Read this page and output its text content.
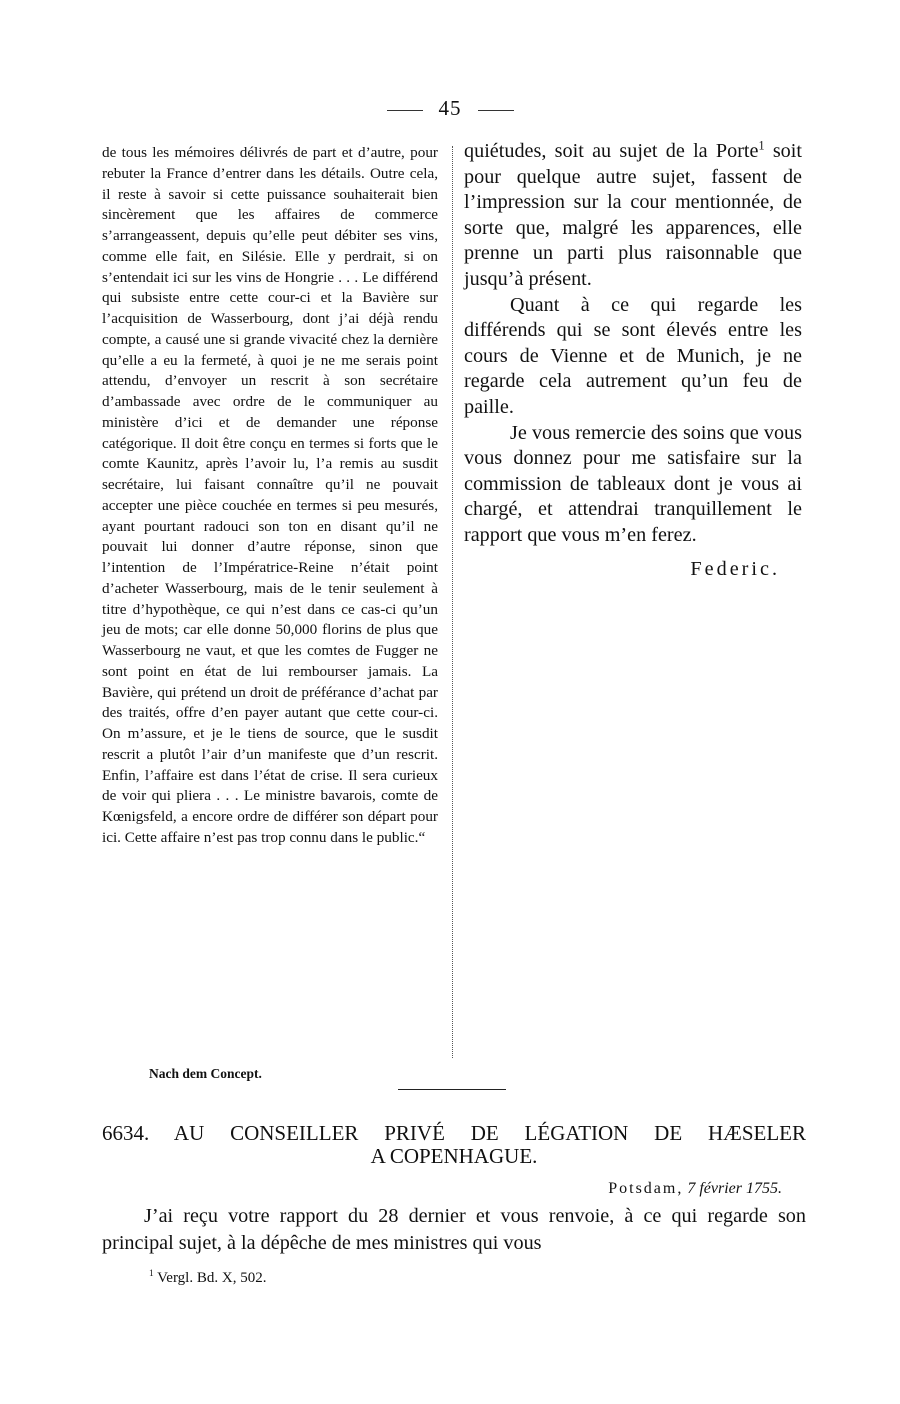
45

de tous les mémoires délivrés de part et d’autre, pour rebuter la France d’entrer dans les détails. Outre cela, il reste à savoir si cette puissance souhaiterait bien sincèrement que les affaires de commerce s’arrangeassent, depuis qu’elle peut débiter ses vins, comme elle fait, en Silésie. Elle y perdrait, si on s’entendait ici sur les vins de Hongrie . . . Le différend qui subsiste entre cette cour-ci et la Bavière sur l’acquisition de Wasserbourg, dont j’ai déjà rendu compte, a causé une si grande vivacité chez la dernière qu’elle a eu la fermeté, à quoi je ne me serais point attendu, d’envoyer un rescrit à son secrétaire d’ambassade avec ordre de le communiquer au ministère d’ici et de demander une réponse catégorique. Il doit être conçu en termes si forts que le comte Kaunitz, après l’avoir lu, l’a remis au susdit secrétaire, lui faisant connaître qu’il ne pouvait accepter une pièce couchée en termes si peu mesurés, ayant pourtant radouci son ton en disant qu’il ne pouvait lui donner d’autre réponse, sinon que l’intention de l’Impératrice-Reine n’était point d’acheter Wasserbourg, mais de le tenir seulement à titre d’hypothèque, ce qui n’est dans ce cas-ci qu’un jeu de mots; car elle donne 50,000 florins de plus que Wasserbourg ne vaut, et que les comtes de Fugger ne sont point en état de lui rembourser jamais. La Bavière, qui prétend un droit de préférance d’achat par des traités, offre d’en payer autant que cette cour-ci. On m’assure, et je le tiens de source, que le susdit rescrit a plutôt l’air d’un manifeste que d’un rescrit. Enfin, l’affaire est dans l’état de crise. Il sera curieux de voir qui pliera . . . Le ministre bavarois, comte de Kœnigsfeld, a encore ordre de différer son départ pour ici. Cette affaire n’est pas trop connu dans le public.“

quiétudes, soit au sujet de la Porte$^1$ soit pour quelque autre sujet, fassent de l’impression sur la cour mentionnée, de sorte que, malgré les apparences, elle prenne un parti plus raisonnable que jusqu’à présent.

Quant à ce qui regarde les différends qui se sont élevés entre les cours de Vienne et de Munich, je ne regarde cela autrement qu’un feu de paille.

Je vous remercie des soins que vous vous donnez pour me satisfaire sur la commission de tableaux dont je vous ai chargé, et attendrai tranquillement le rapport que vous m’en ferez.

Federic.

Nach dem Concept.
6634. AU CONSEILLER PRIVÉ DE LÉGATION DE HÆSELER
A COPENHAGUE.
Potsdam, 7 février 1755.
J’ai reçu votre rapport du 28 dernier et vous renvoie, à ce qui regarde son principal sujet, à la dépêche de mes ministres qui vous
$^1$ Vergl. Bd. X, 502.
